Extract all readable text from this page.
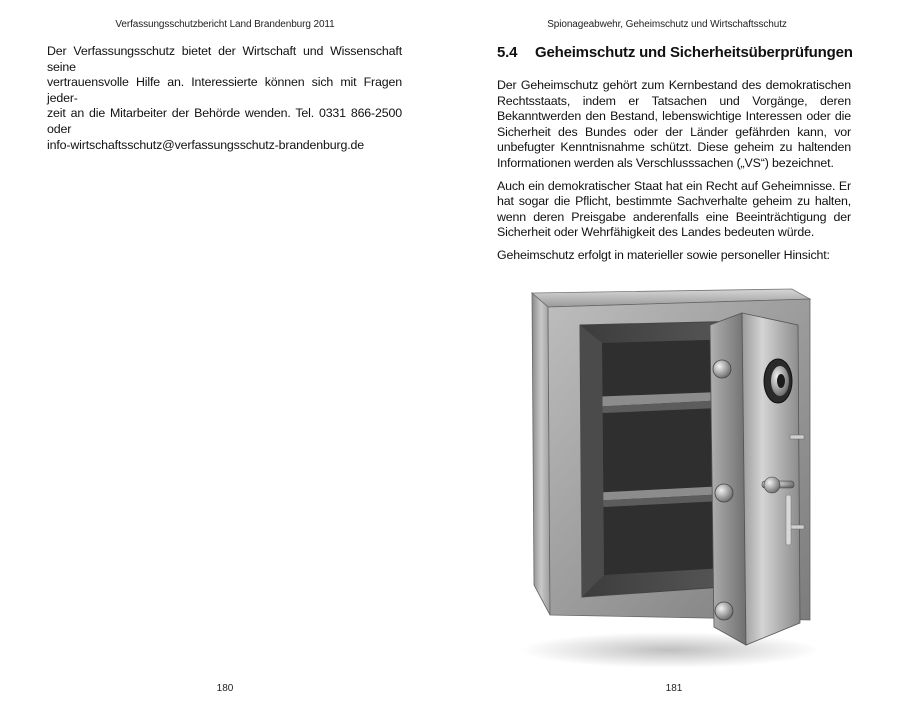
Verfassungsschutzbericht Land Brandenburg 2011
Der Verfassungsschutz bietet der Wirtschaft und Wissenschaft seine
vertrauensvolle Hilfe an. Interessierte können sich mit Fragen jeder-
zeit an die Mitarbeiter der Behörde wenden. Tel. 0331 866-2500 oder
info-wirtschaftsschutz@verfassungsschutz-brandenburg.de
180
Spionageabwehr, Geheimschutz und Wirtschaftsschutz
5.4 Geheimschutz und Sicherheitsüberprüfungen

Der Geheimschutz gehört zum Kernbestand des demokratischen Rechtsstaats, indem er Tatsachen und Vorgänge, deren Bekanntwerden den Bestand, lebenswichtige Interessen oder die Sicherheit des Bundes oder der Länder gefährden kann, vor unbefugter Kenntnisnahme schützt. Diese geheim zu haltenden Informationen werden als Verschlusssachen („VS“) bezeichnet.

Auch ein demokratischer Staat hat ein Recht auf Geheimnisse. Er hat sogar die Pflicht, bestimmte Sachverhalte geheim zu halten, wenn deren Preisgabe anderenfalls eine Beeinträchtigung der Sicherheit oder Wehrfähigkeit des Landes bedeuten würde.

Geheimschutz erfolgt in materieller sowie personeller Hinsicht:

181
